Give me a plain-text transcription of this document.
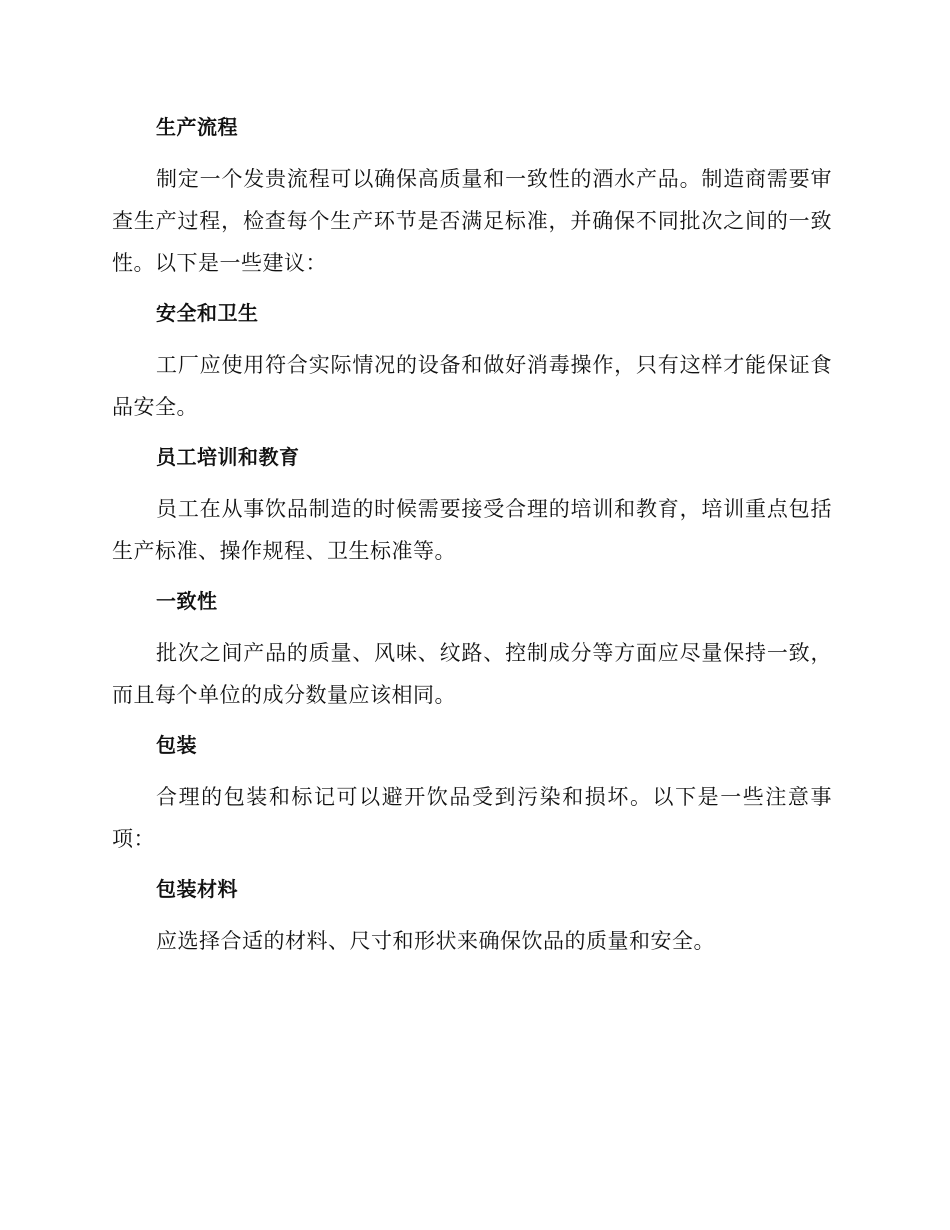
生产流程

制定一个发贵流程可以确保高质量和一致性的酒水产品。制造商需要审查生产过程，检查每个生产环节是否满足标准，并确保不同批次之间的一致性。以下是一些建议：

安全和卫生

工厂应使用符合实际情况的设备和做好消毒操作，只有这样才能保证食品安全。

员工培训和教育

员工在从事饮品制造的时候需要接受合理的培训和教育，培训重点包括生产标准、操作规程、卫生标准等。

一致性

批次之间产品的质量、风味、纹路、控制成分等方面应尽量保持一致，而且每个单位的成分数量应该相同。

包装

合理的包装和标记可以避开饮品受到污染和损坏。以下是一些注意事项：

包装材料

应选择合适的材料、尺寸和形状来确保饮品的质量和安全。
